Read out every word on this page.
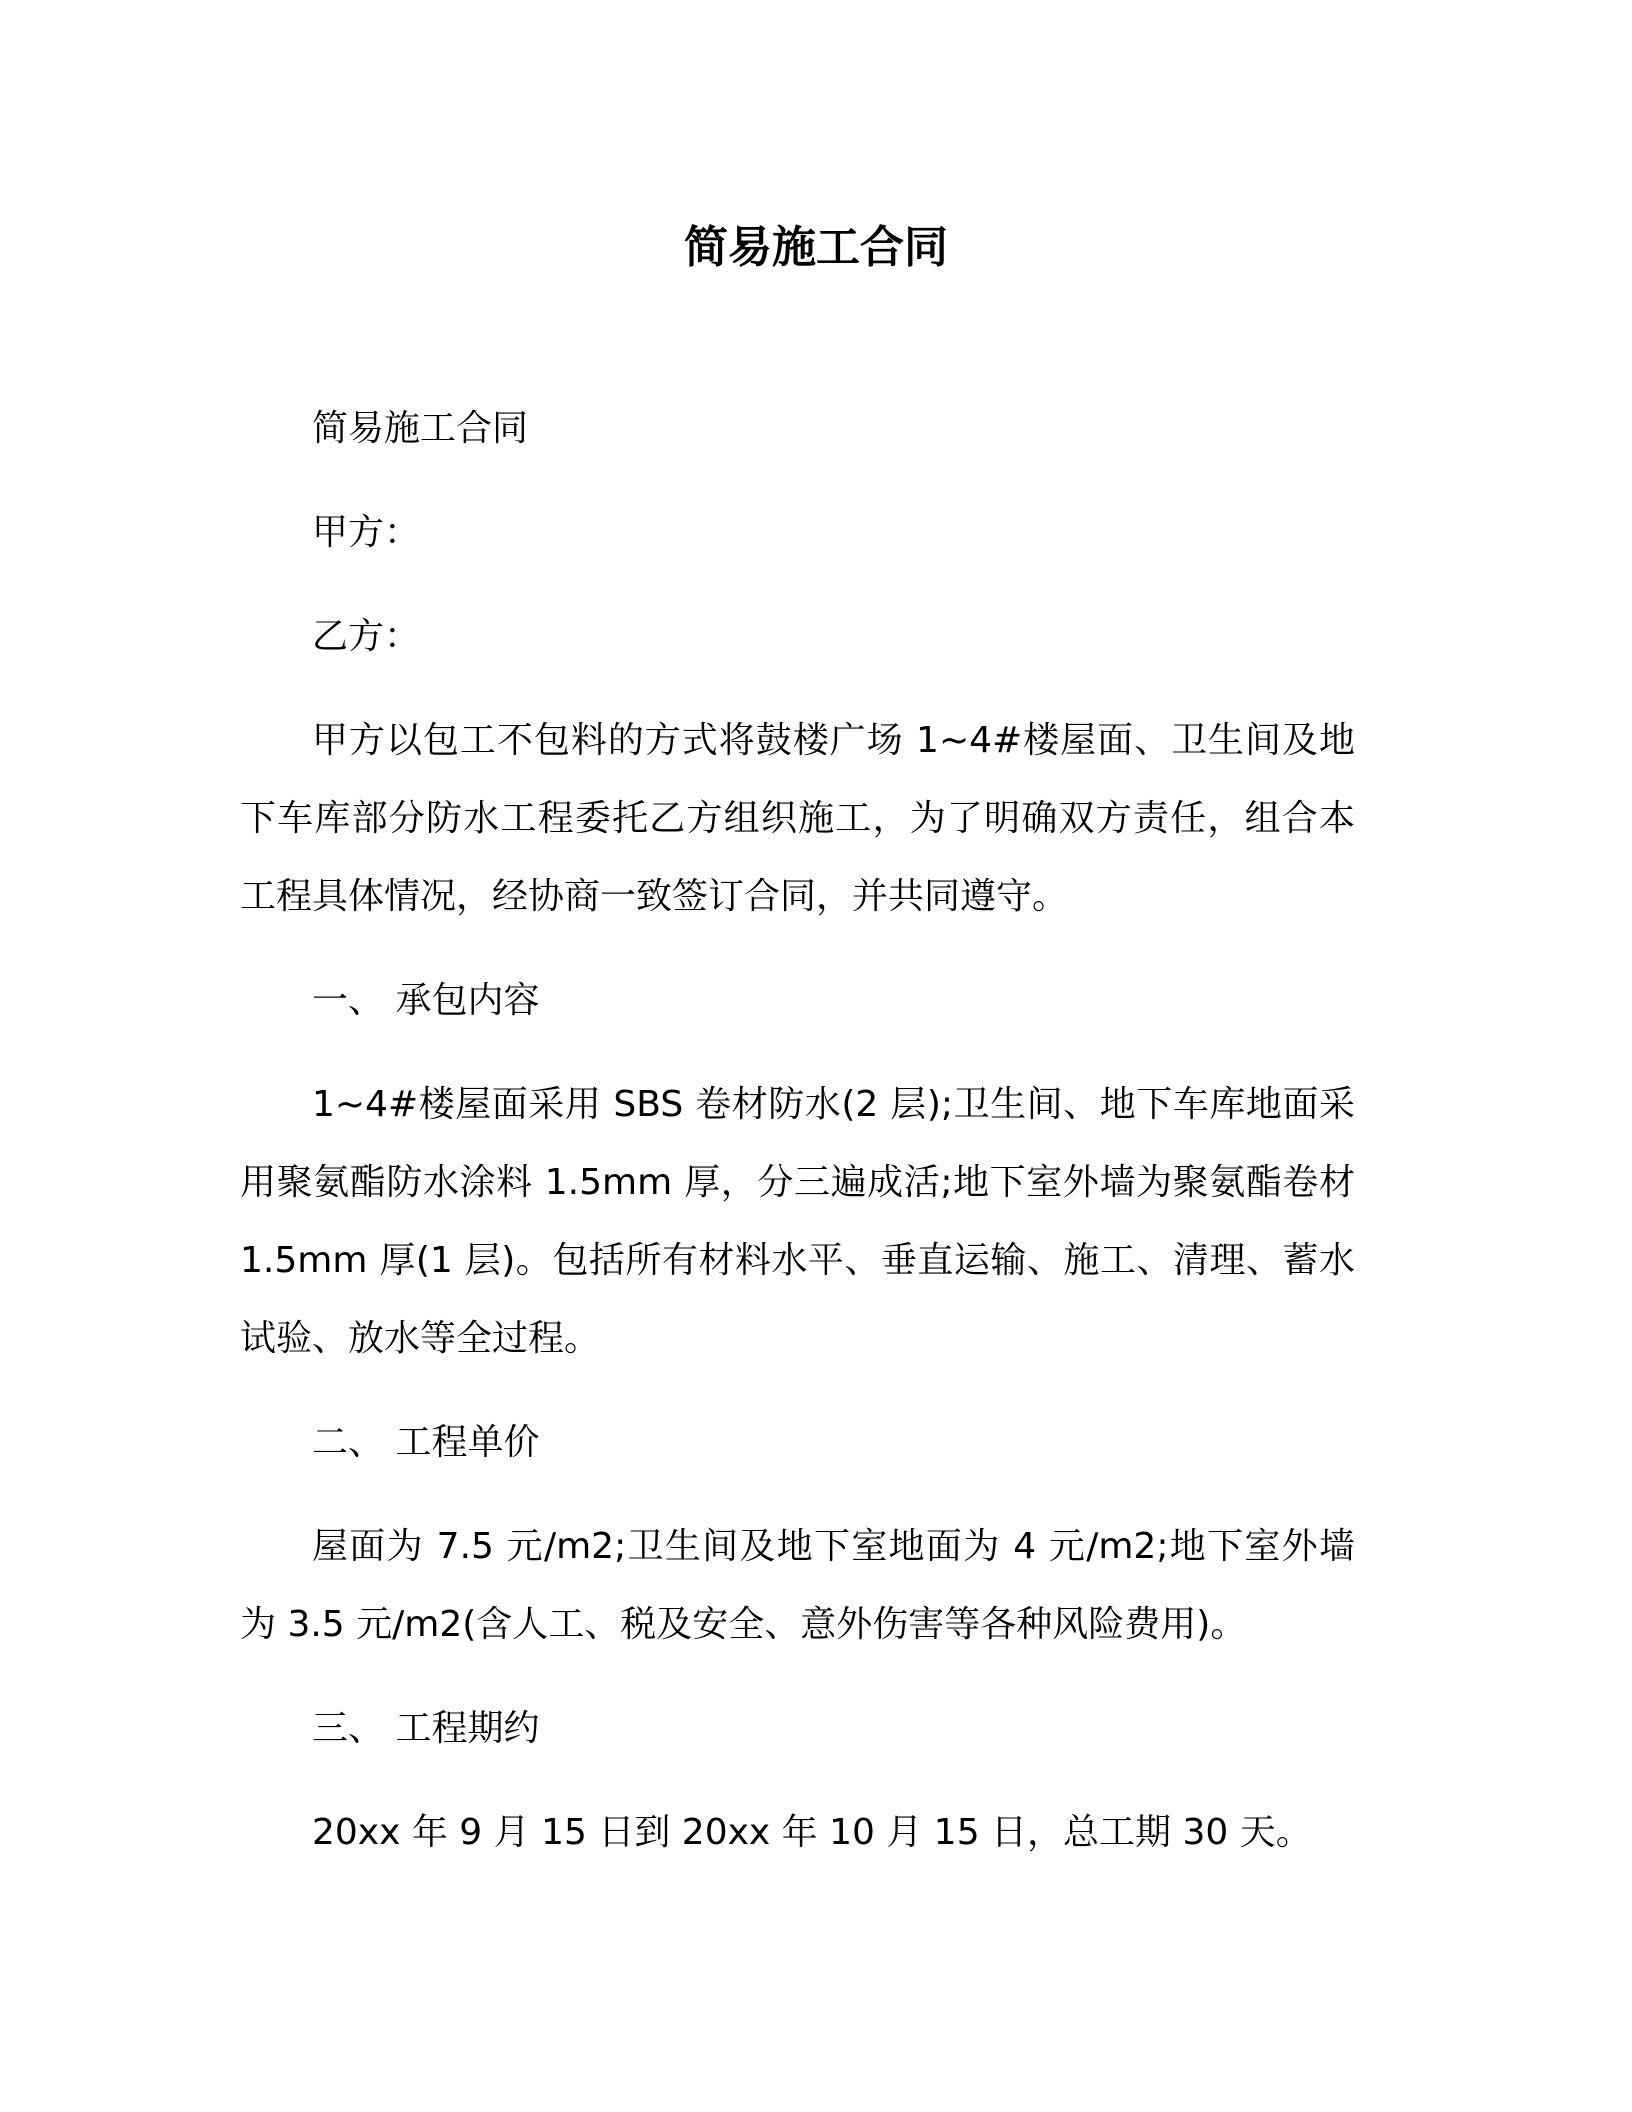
简易施工合同

简易施工合同

甲方：

乙方：

甲方以包工不包料的方式将鼓楼广场 1~4#楼屋面、卫生间及地下车库部分防水工程委托乙方组织施工，为了明确双方责任，组合本工程具体情况，经协商一致签订合同，并共同遵守。

一、 承包内容

1~4#楼屋面采用 SBS 卷材防水(2 层);卫生间、地下车库地面采用聚氨酯防水涂料 1.5mm 厚，分三遍成活;地下室外墙为聚氨酯卷材 1.5mm 厚(1 层)。包括所有材料水平、垂直运输、施工、清理、蓄水试验、放水等全过程。

二、 工程单价

屋面为 7.5 元/m2;卫生间及地下室地面为 4 元/m2;地下室外墙为 3.5 元/m2(含人工、税及安全、意外伤害等各种风险费用)。

三、 工程期约

20xx 年 9 月 15 日到 20xx 年 10 月 15 日，总工期 30 天。
